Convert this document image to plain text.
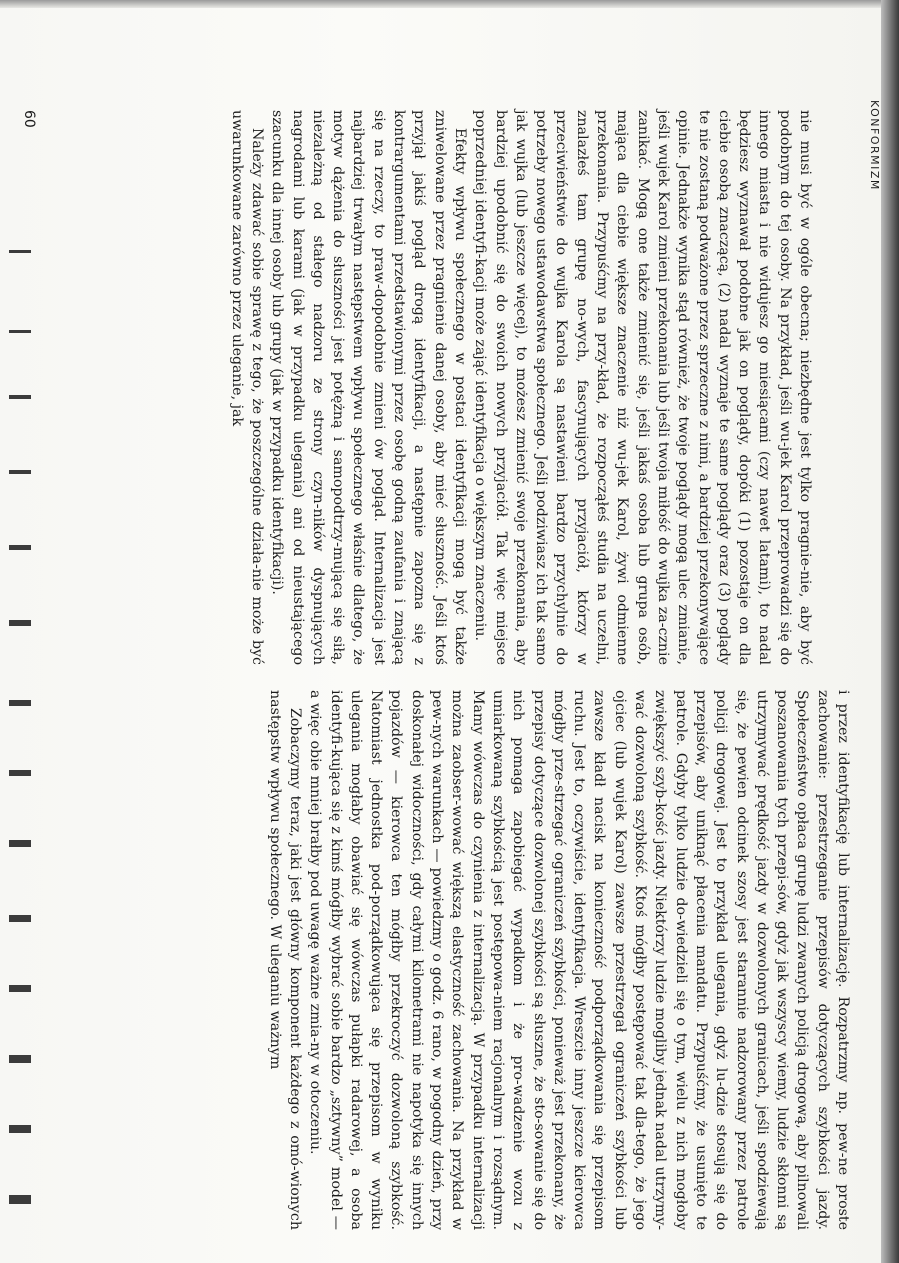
KONFORMIZM

nie musi być w ogóle obecna; niezbędne jest tylko pragnie-nie, aby być podobnym do tej osoby. Na przykład, jeśli wu-jek Karol przeprowadzi się do innego miasta i nie widujesz go miesiącami (czy nawet latami), to nadal będziesz wyznawał podobne jak on poglądy, dopóki (1) pozostaje on dla ciebie osobą znaczącą, (2) nadal wyznaje te same poglądy oraz (3) poglądy te nie zostaną podważone przez sprzeczne z nimi, a bardziej przekonywające opinie. Jednakże wynika stąd również, że twoje poglądy mogą ulec zmianie, jeśli wujek Karol zmieni przekonania lub jeśli twoja miłość do wujka za-cznie zanikać. Mogą one także zmienić się, jeśli jakaś osoba lub grupa osób, mająca dla ciebie większe znaczenie niż wu-jek Karol, żywi odmienne przekonania. Przypuśćmy na przy-kład, że rozpocząłeś studia na uczelni, znalazłeś tam grupę no-wych, fascynujących przyjaciół, którzy w przeciwieństwie do wujka Karola są nastawieni bardzo przychylnie do potrzeby nowego ustawodawstwa społecznego. Jeśli podziwiasz ich tak samo jak wujka (lub jeszcze więcej), to możesz zmienić swoje przekonania, aby bardziej upodobnić się do swoich nowych przyjaciół. Tak więc miejsce poprzedniej identyfi-kacji może zająć identyfikacja o większym znaczeniu.

Efekty wpływu społecznego w postaci identyfikacji mogą być także zniwelowane przez pragnienie danej osoby, aby mieć słuszność. Jeśli ktoś przyjął jakiś pogląd drogą identyfikacji, a następnie zapozna się z kontrargumentami przedstawionymi przez osobę godną zaufania i znającą się na rzeczy, to praw-dopodobnie zmieni ów pogląd. Internalizacja jest najbardziej trwałym następstwem wpływu społecznego właśnie dlatego, że motyw dążenia do słuszności jest potężną i samopodtrzy-mującą się siłą, niezależną od stałego nadzoru ze strony czyn-ników dyspnujących nagrodami lub karami (jak w przypadku ulegania) ani od nieustającego szacunku dla innej osoby lub grupy (jak w przypadku identyfikacji).

Należy zdawać sobie sprawę z tego, że poszczególne działa-nie może być uwarunkowane zarówno przez uleganie, jak

i przez identyfikację lub internalizację. Rozpatrzmy np. pew-ne proste zachowanie: przestrzeganie przepisów dotyczących szybkości jazdy. Społeczeństwo opłaca grupę ludzi zwanych policją drogową, aby pilnowali poszanowania tych przepi-sów, gdyż jak wszyscy wiemy, ludzie skłonni są utrzymywać prędkość jazdy w dozwolonych granicach, jeśli spodziewają się, że pewien odcinek szosy jest starannie nadzorowany przez patrole policji drogowej. Jest to przykład ulegania, gdyż lu-dzie stosują się do przepisów, aby uniknąć płacenia mandatu. Przypuśćmy, że usunięto te patrole. Gdyby tylko ludzie do-wiedzieli się o tym, wielu z nich mogłoby zwiększyć szyb-kość jazdy. Niektórzy ludzie mogliby jednak nadal utrzymy-wać dozwoloną szybkość. Ktoś mógłby postępować tak dla-tego, że jego ojciec (lub wujek Karol) zawsze przestrzegał ograniczeń szybkości lub zawsze kładł nacisk na konieczność podporządkowania się przepisom ruchu. Jest to, oczywiście, identyfikacja. Wreszcie inny jeszcze kierowca mógłby prze-strzegać ograniczeń szybkości, ponieważ jest przekonany, że przepisy dotyczące dozwolonej szybkości są słuszne, że sto-sowanie się do nich pomaga zapobiegać wypadkom i że pro-wadzenie wozu z umiarkowaną szybkością jest postępowa-niem racjonalnym i rozsądnym. Mamy wówczas do czynienia z internalizacją. W przypadku internalizacji można zaobser-wować większą elastyczność zachowania. Na przykład w pew-nych warunkach — powiedzmy o godz. 6 rano, w pogodny dzień, przy doskonałej widoczności, gdy całymi kilometrami nie napotyka się innych pojazdów — kierowca ten mógłby przekroczyć dozwoloną szybkość. Natomiast jednostka pod-porządkowująca się przepisom w wyniku ulegania mogłaby obawiać się wówczas pułapki radarowej, a osoba identyfi-kująca się z kimś mógłby wybrać sobie bardzo „sztywny” model — a więc obie mniej brałby pod uwagę ważne zmia-ny w otoczeniu.

Zobaczymy teraz, jaki jest główny komponent każdego z omó-wionych następstw wpływu społecznego. W uleganiu ważnym

60
